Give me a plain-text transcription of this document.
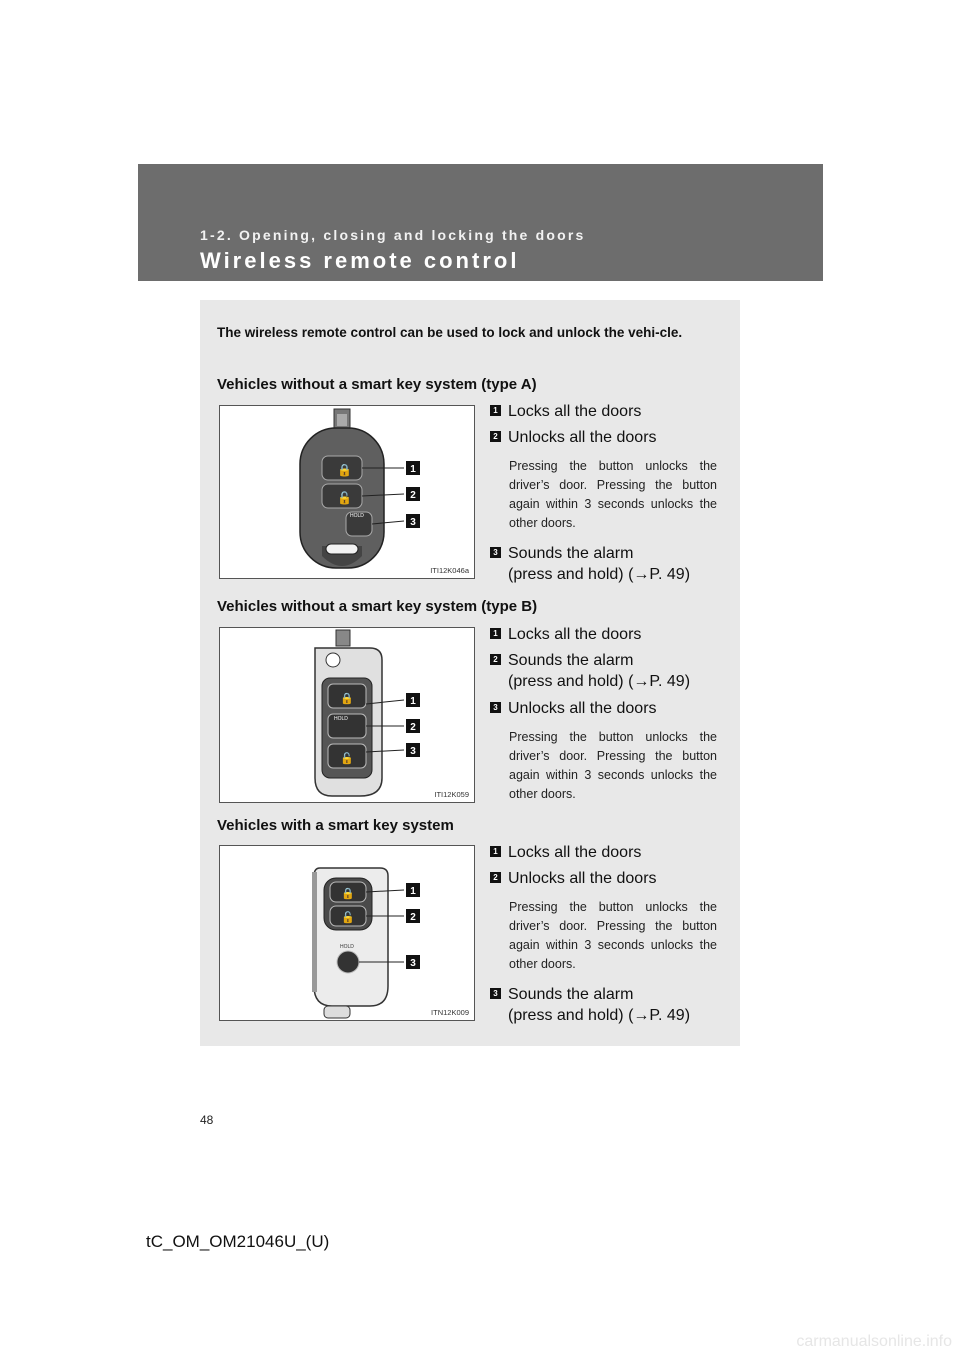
1-2. Opening, closing and locking the doors
Wireless remote control
The wireless remote control can be used to lock and unlock the vehi-cle.
Vehicles without a smart key system (type A)
🔒
🔓
HOLD
1
2
3
ITI12K046a
1 Locks all the doors
2 Unlocks all the doors
Pressing the button unlocks the driver’s door. Pressing the button again within 3 seconds unlocks the other doors.
3 Sounds the alarm
(press and hold) (→P. 49)
Vehicles without a smart key system (type B)
🔒
HOLD
🔓
1
2
3
ITI12K059
1 Locks all the doors
2 Sounds the alarm
(press and hold) (→P. 49)
3 Unlocks all the doors
Pressing the button unlocks the driver’s door. Pressing the button again within 3 seconds unlocks the other doors.
Vehicles with a smart key system
🔒
🔓
HOLD
1
2
3
ITN12K009
1 Locks all the doors
2 Unlocks all the doors
Pressing the button unlocks the driver’s door. Pressing the button again within 3 seconds unlocks the other doors.
3 Sounds the alarm
(press and hold) (→P. 49)
48
tC_OM_OM21046U_(U)
carmanualsonline.info
